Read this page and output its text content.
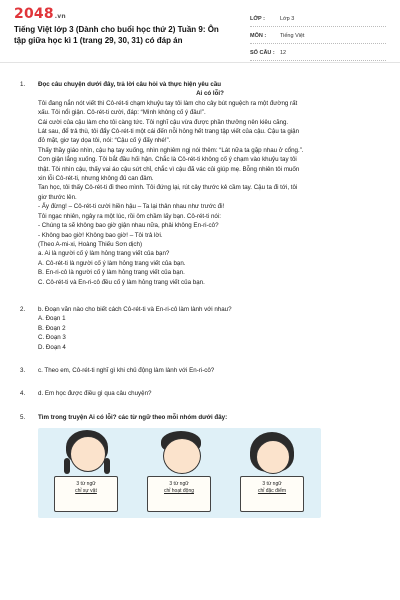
2048.vn
Tiếng Việt lớp 3 (Dành cho buổi học thứ 2) Tuần 9: Ôn tập giữa học kì 1 (trang 29, 30, 31) có đáp án
LỚP :	Lớp 3
MÔN :	Tiếng Việt
SỐ CÂU : 12
1. Đọc câu chuyện dưới đây, trả lời câu hỏi và thực hiện yêu cầu
Ai có lỗi?
Tôi đang nắn nót viết thì Cô-rét-ti chạm khuỷu tay tôi làm cho cây bút nguệch ra một đường rất
xấu. Tôi nổi giận. Cô-rét-ti cười, đáp: “Mình không cố ý đâu!”.
Cái cười của cậu làm cho tôi càng tức. Tôi nghĩ cậu vừa được phần thưởng nên kiêu căng.
Lát sau, để trả thù, tôi đẩy Cô-rét-ti một cái đến nỗi hỏng hết trang tập viết của cậu. Cậu ta giận
đỏ mặt, giơ tay dọa tôi, nói: “Cậu cố ý đấy nhé!”.
Thấy thầy giáo nhìn, cậu hạ tay xuống, nhìn nghiêm ngị nói thêm: “Lát nữa ta gặp nhau ở cổng.”.
Cơn giận lắng xuống. Tôi bắt đầu hối hận. Chắc là Cô-rét-ti không cố ý chạm vào khuỷu tay tôi
thật. Tôi nhìn cậu, thấy vai áo cậu sứt chỉ, chắc vì cậu đã vác củi giúp mẹ. Bỗng nhiên tôi muốn
xin lỗi Cô-rét-ti, nhưng không đủ can đảm.
Tan học, tôi thấy Cô-rét-ti đi theo mình. Tôi đứng lại, rút cây thước kẻ cầm tay. Cậu ta đi tới, tôi
giơ thước lên.
- Ấy đừng! – Cô-rét-ti cười hiền hậu – Ta lại thân nhau như trước đi!
Tôi ngạc nhiên, ngây ra một lúc, rồi ôm chầm lấy bạn. Cô-rét-ti nói:
- Chúng ta sẽ không bao giờ giận nhau nữa, phải không En-ri-cô?
- Không bao giờ! Không bao giờ! – Tôi trả lời.
(Theo A-mi-xi, Hoàng Thiếu Sơn dịch)
a. Ai là người cố ý làm hỏng trang viết của bạn?
A. Cô-rét-ti là người cố ý làm hỏng trang viết của bạn.
B. En-ri-cô là người cố ý làm hỏng trang viết của bạn.
C. Cô-rét-ti và En-ri-cô đều cố ý làm hỏng trang viết của bạn.
2. b. Đoạn văn nào cho biết cách Cô-rét-ti và En-ri-cô làm lành với nhau?
A. Đoạn 1
B. Đoạn 2
C. Đoạn 3
D. Đoạn 4
3. c. Theo em, Cô-rét-ti nghĩ gì khi chủ động làm lành với En-ri-cô?
4. d. Em học được điều gì qua câu chuyện?
5. Tìm trong truyện Ai có lỗi? các từ ngữ theo mỗi nhóm dưới đây:
3 từ ngữ
chỉ sự vật
3 từ ngữ
chỉ hoạt động
3 từ ngữ
chỉ đặc điểm
